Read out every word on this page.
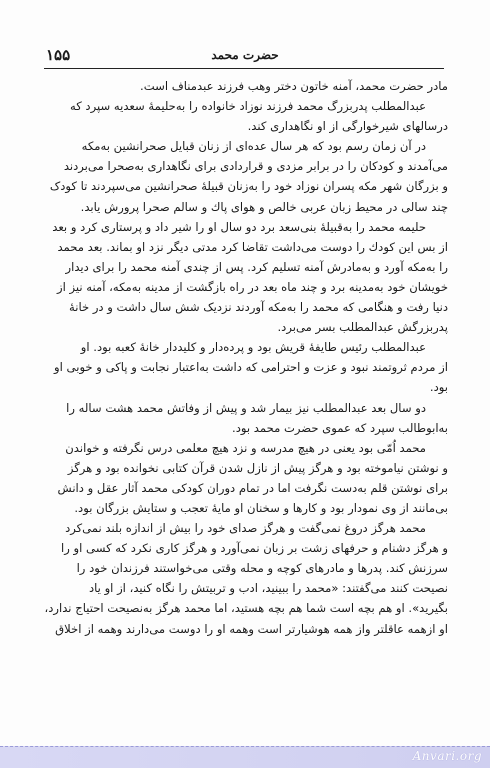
۱۵۵	حضرت محمد
مادر حضرت محمد، آمنه خاتون دختر وهب فرزند عبدمناف است.
عبدالمطلب پدربزرگ محمد فرزند نوزاد خانواده را به‌حلیمهٔ سعدیه سپرد که
درسالهای شیرخوارگی از او نگاهداری کند.
در آن زمان رسم بود که هر سال عده‌ای از زنان قبایل صحرانشین به‌مکه
می‌آمدند و کودکان را در برابر مزدی و قراردادی برای نگاهداری به‌صحرا می‌بردند
و بزرگان شهر مکه پسران نوزاد خود را به‌زنان قبیلهٔ صحرانشین می‌سپردند تا کودک
چند سالی در محیط زبان عربی خالص و هوای پاك و سالم صحرا پرورش یابد.
حلیمه محمد را به‌قبیلهٔ بنی‌سعد برد دو سال او را شیر داد و پرستاری کرد و بعد
از بس این کودك را دوست می‌داشت تقاضا کرد مدتی دیگر نزد او بماند. بعد محمد
را به‌مکه آورد و به‌مادرش آمنه تسلیم کرد. پس از چندی آمنه محمد را برای دیدار
خویشان خود به‌مدینه برد و چند ماه بعد در راه بازگشت از مدینه به‌مکه، آمنه نیز از
دنیا رفت و هنگامی که محمد را به‌مکه آوردند نزدیک شش سال داشت و در خانهٔ
پدربزرگش عبدالمطلب بسر می‌برد.
عبدالمطلب رئیس طایفهٔ قریش بود و پرده‌دار و کلیددار خانهٔ کعبه بود. او
از مردم ثروتمند نبود و عزت و احترامی که داشت به‌اعتبار نجابت و پاکی و خوبی او
بود.
دو سال بعد عبدالمطلب نیز بیمار شد و پیش از وفاتش محمد هشت ساله را
به‌ابوطالب سپرد که عموی حضرت محمد بود.
محمد اُمّی بود یعنی در هیچ مدرسه و نزد هیچ معلمی درس نگرفته و خواندن
و نوشتن نیاموخته بود و هرگز پیش از نازل شدن قرآن کتابی نخوانده بود و هرگز
برای نوشتن قلم به‌دست نگرفت اما در تمام دوران کودکی محمد آثار عقل و دانش
بی‌مانند از وی نمودار بود و کارها و سخنان او مایهٔ تعجب و ستایش بزرگان بود.
محمد هرگز دروغ نمی‌گفت و هرگز صدای خود را بیش از اندازه بلند نمی‌کرد
و هرگز دشنام و حرفهای زشت بر زبان نمی‌آورد و هرگز کاری نکرد که کسی او را
سرزنش کند. پدرها و مادرهای کوچه و محله وقتی می‌خواستند فرزندان خود را
نصیحت کنند می‌گفتند: «محمد را ببینید، ادب و تربیتش را نگاه کنید، از او یاد
بگیرید». او هم بچه است شما هم بچه هستید، اما محمد هرگز به‌نصیحت احتیاج ندارد،
او ازهمه عاقلتر واز همه هوشیارتر است وهمه او را دوست می‌دارند وهمه از اخلاق
Anvari.org
